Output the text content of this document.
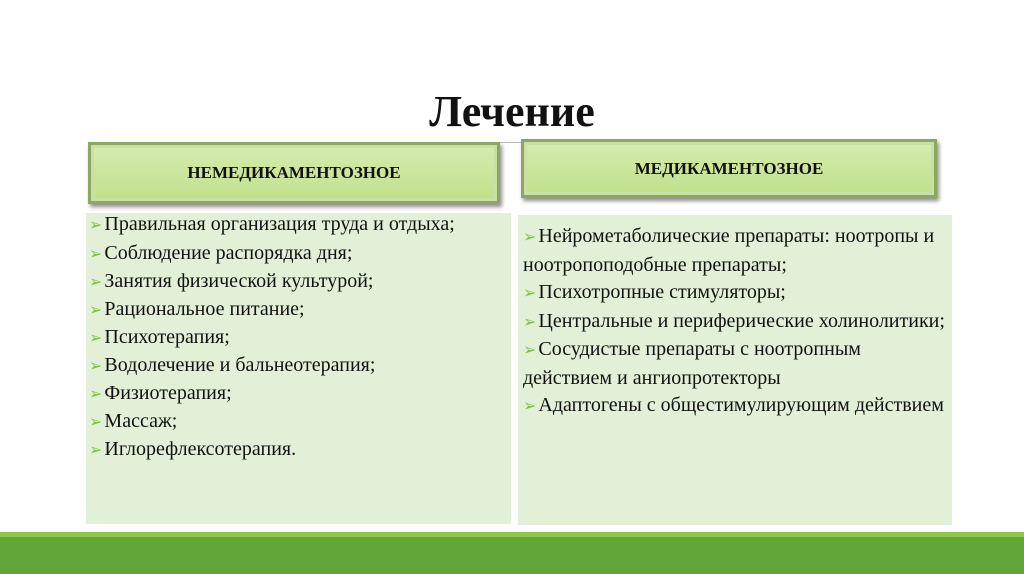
Лечение
НЕМЕДИКАМЕНТОЗНОЕ	МЕДИКАМЕНТОЗНОЕ
➢ Правильная организация труда и отдыха;
➢ Соблюдение распорядка дня;
➢ Занятия физической культурой;
➢ Рациональное питание;
➢ Психотерапия;
➢ Водолечение и бальнеотерапия;
➢ Физиотерапия;
➢ Массаж;
➢ Иглорефлексотерапия.
➢ Нейрометаболические препараты: ноотропы и ноотропоподобные препараты;
➢ Психотропные стимуляторы;
➢ Центральные и периферические холинолитики;
➢ Сосудистые препараты с ноотропным действием и ангиопротекторы
➢ Адаптогены с общестимулирующим действием
